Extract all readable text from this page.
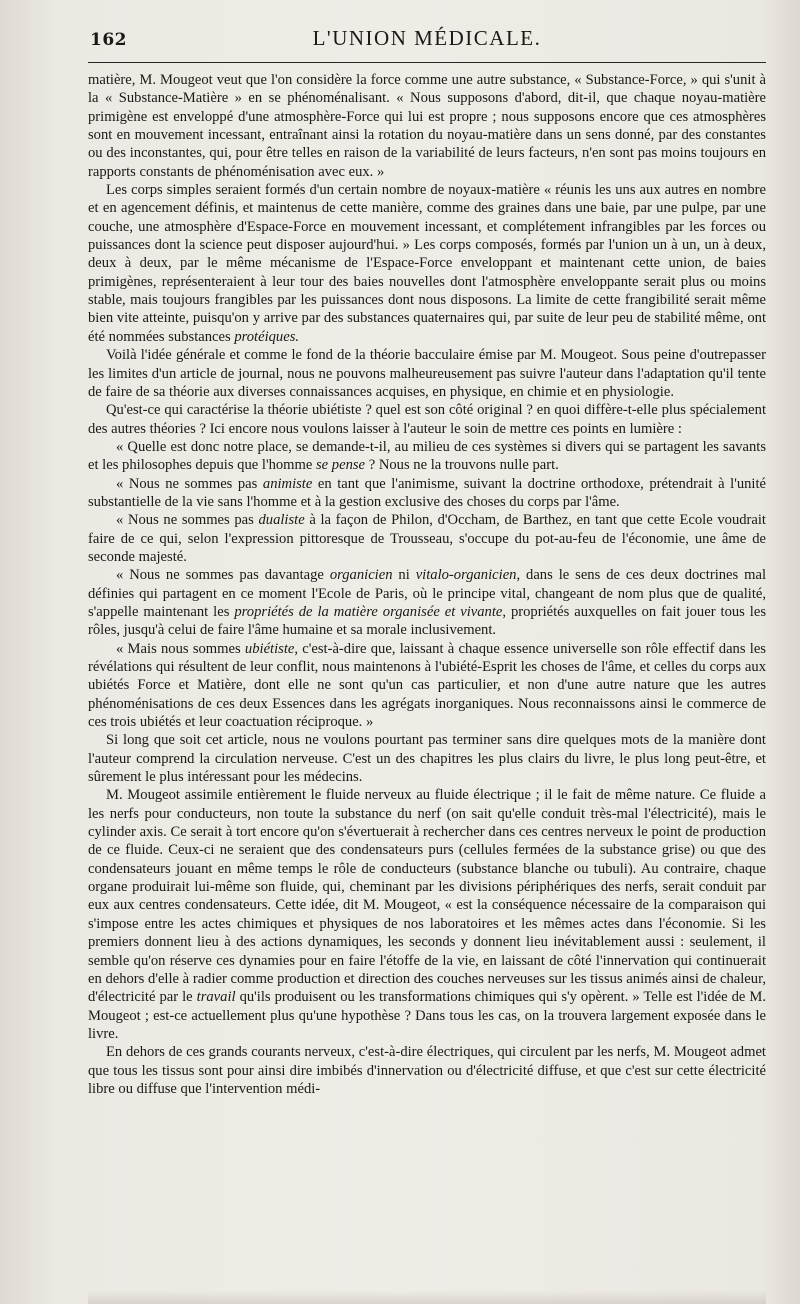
162	L'UNION MÉDICALE.

matière, M. Mougeot veut que l'on considère la force comme une autre substance, « Substance-Force, » qui s'unit à la « Substance-Matière » en se phénoménalisant. « Nous supposons d'abord, dit-il, que chaque noyau-matière primigène est enveloppé d'une atmosphère-Force qui lui est propre ; nous supposons encore que ces atmosphères sont en mouvement incessant, entraînant ainsi la rotation du noyau-matière dans un sens donné, par des constantes ou des inconstantes, qui, pour être telles en raison de la variabilité de leurs facteurs, n'en sont pas moins toujours en rapports constants de phénoménisation avec eux. »

Les corps simples seraient formés d'un certain nombre de noyaux-matière « réunis les uns aux autres en nombre et en agencement définis, et maintenus de cette manière, comme des graines dans une baie, par une pulpe, par une couche, une atmosphère d'Espace-Force en mouvement incessant, et complétement infrangibles par les forces ou puissances dont la science peut disposer aujourd'hui. » Les corps composés, formés par l'union un à un, un à deux, deux à deux, par le même mécanisme de l'Espace-Force enveloppant et maintenant cette union, de baies primigènes, représenteraient à leur tour des baies nouvelles dont l'atmosphère enveloppante serait plus ou moins stable, mais toujours frangibles par les puissances dont nous disposons. La limite de cette frangibilité serait même bien vite atteinte, puisqu'on y arrive par des substances quaternaires qui, par suite de leur peu de stabilité même, ont été nommées substances protéiques.

Voilà l'idée générale et comme le fond de la théorie bacculaire émise par M. Mougeot. Sous peine d'outrepasser les limites d'un article de journal, nous ne pouvons malheureusement pas suivre l'auteur dans l'adaptation qu'il tente de faire de sa théorie aux diverses connaissances acquises, en physique, en chimie et en physiologie.

Qu'est-ce qui caractérise la théorie ubiétiste ? quel est son côté original ? en quoi diffère-t-elle plus spécialement des autres théories ? Ici encore nous voulons laisser à l'auteur le soin de mettre ces points en lumière :

« Quelle est donc notre place, se demande-t-il, au milieu de ces systèmes si divers qui se partagent les savants et les philosophes depuis que l'homme se pense ? Nous ne la trouvons nulle part.

« Nous ne sommes pas animiste en tant que l'animisme, suivant la doctrine orthodoxe, prétendrait à l'unité substantielle de la vie sans l'homme et à la gestion exclusive des choses du corps par l'âme.

« Nous ne sommes pas dualiste à la façon de Philon, d'Occham, de Barthez, en tant que cette Ecole voudrait faire de ce qui, selon l'expression pittoresque de Trousseau, s'occupe du pot-au-feu de l'économie, une âme de seconde majesté.

« Nous ne sommes pas davantage organicien ni vitalo-organicien, dans le sens de ces deux doctrines mal définies qui partagent en ce moment l'Ecole de Paris, où le principe vital, changeant de nom plus que de qualité, s'appelle maintenant les propriétés de la matière organisée et vivante, propriétés auxquelles on fait jouer tous les rôles, jusqu'à celui de faire l'âme humaine et sa morale inclusivement.

« Mais nous sommes ubiétiste, c'est-à-dire que, laissant à chaque essence universelle son rôle effectif dans les révélations qui résultent de leur conflit, nous maintenons à l'ubiété-Esprit les choses de l'âme, et celles du corps aux ubiétés Force et Matière, dont elle ne sont qu'un cas particulier, et non d'une autre nature que les autres phénoménisations de ces deux Essences dans les agrégats inorganiques. Nous reconnaissons ainsi le commerce de ces trois ubiétés et leur coactuation réciproque. »

Si long que soit cet article, nous ne voulons pourtant pas terminer sans dire quelques mots de la manière dont l'auteur comprend la circulation nerveuse. C'est un des chapitres les plus clairs du livre, le plus long peut-être, et sûrement le plus intéressant pour les médecins.

M. Mougeot assimile entièrement le fluide nerveux au fluide électrique ; il le fait de même nature. Ce fluide a les nerfs pour conducteurs, non toute la substance du nerf (on sait qu'elle conduit très-mal l'électricité), mais le cylinder axis. Ce serait à tort encore qu'on s'évertuerait à rechercher dans ces centres nerveux le point de production de ce fluide. Ceux-ci ne seraient que des condensateurs purs (cellules fermées de la substance grise) ou que des condensateurs jouant en même temps le rôle de conducteurs (substance blanche ou tubuli). Au contraire, chaque organe produirait lui-même son fluide, qui, cheminant par les divisions périphériques des nerfs, serait conduit par eux aux centres condensateurs. Cette idée, dit M. Mougeot, « est la conséquence nécessaire de la comparaison qui s'impose entre les actes chimiques et physiques de nos laboratoires et les mêmes actes dans l'économie. Si les premiers donnent lieu à des actions dynamiques, les seconds y donnent lieu inévitablement aussi : seulement, il semble qu'on réserve ces dynamies pour en faire l'étoffe de la vie, en laissant de côté l'innervation qui continuerait en dehors d'elle à radier comme production et direction des couches nerveuses sur les tissus animés ainsi de chaleur, d'électricité par le travail qu'ils produisent ou les transformations chimiques qui s'y opèrent. » Telle est l'idée de M. Mougeot ; est-ce actuellement plus qu'une hypothèse ? Dans tous les cas, on la trouvera largement exposée dans le livre.

En dehors de ces grands courants nerveux, c'est-à-dire électriques, qui circulent par les nerfs, M. Mougeot admet que tous les tissus sont pour ainsi dire imbibés d'innervation ou d'électricité diffuse, et que c'est sur cette électricité libre ou diffuse que l'intervention médi-
